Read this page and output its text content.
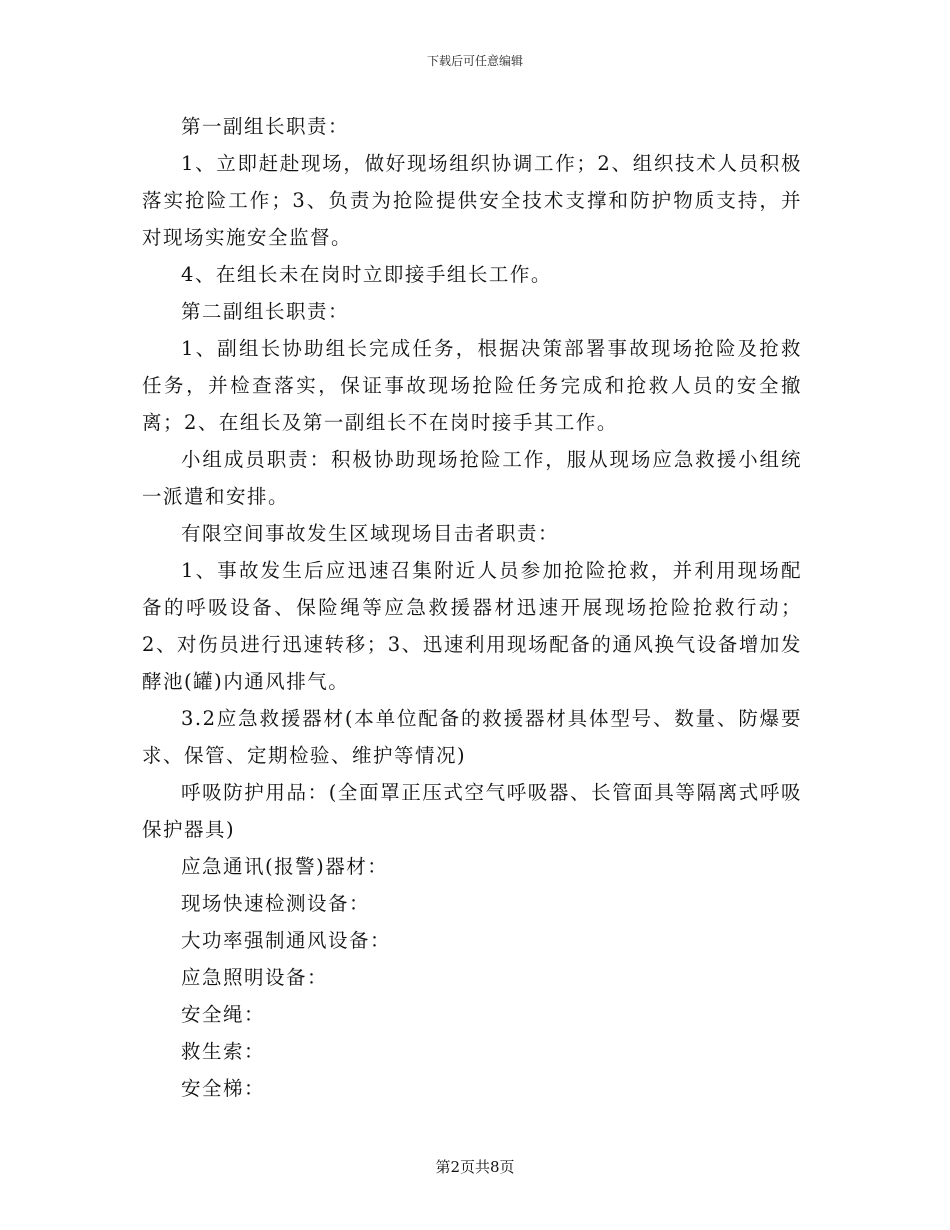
下载后可任意编辑

第一副组长职责：

1、立即赶赴现场，做好现场组织协调工作；2、组织技术人员积极落实抢险工作；3、负责为抢险提供安全技术支撑和防护物质支持，并对现场实施安全监督。

4、在组长未在岗时立即接手组长工作。

第二副组长职责：

1、副组长协助组长完成任务，根据决策部署事故现场抢险及抢救任务，并检查落实，保证事故现场抢险任务完成和抢救人员的安全撤离；2、在组长及第一副组长不在岗时接手其工作。

小组成员职责：积极协助现场抢险工作，服从现场应急救援小组统一派遣和安排。

有限空间事故发生区域现场目击者职责：

1、事故发生后应迅速召集附近人员参加抢险抢救，并利用现场配备的呼吸设备、保险绳等应急救援器材迅速开展现场抢险抢救行动；2、对伤员进行迅速转移；3、迅速利用现场配备的通风换气设备增加发酵池(罐)内通风排气。

3.2应急救援器材(本单位配备的救援器材具体型号、数量、防爆要求、保管、定期检验、维护等情况)

呼吸防护用品：(全面罩正压式空气呼吸器、长管面具等隔离式呼吸保护器具)

应急通讯(报警)器材：

现场快速检测设备：

大功率强制通风设备：

应急照明设备：

安全绳：

救生索：

安全梯：

第2页共8页
